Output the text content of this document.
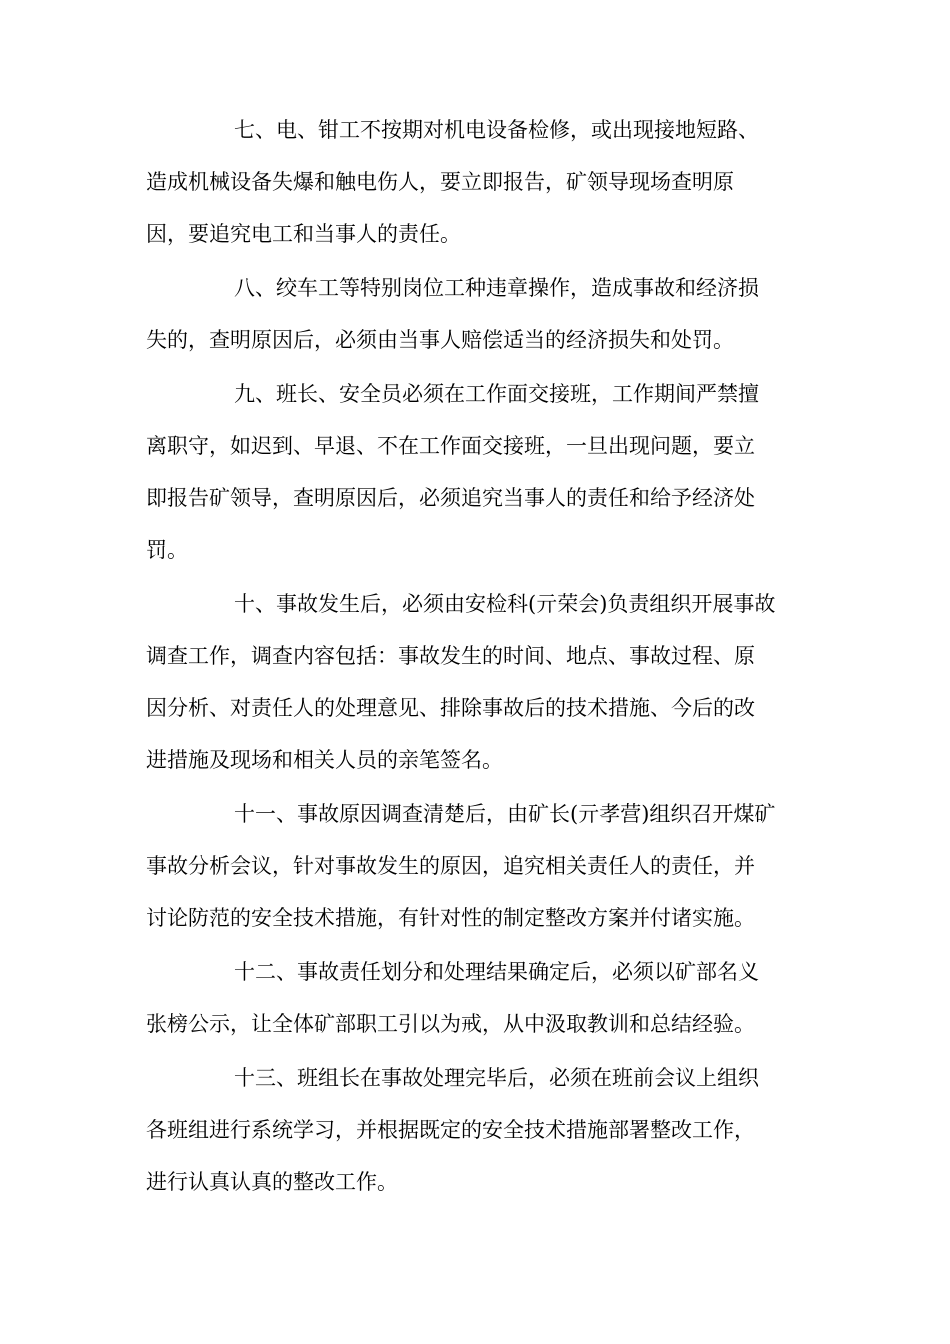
七、电、钳工不按期对机电设备检修，或出现接地短路、
造成机械设备失爆和触电伤人，要立即报告，矿领导现场查明原
因，要追究电工和当事人的责任。
八、绞车工等特别岗位工种违章操作，造成事故和经济损
失的，查明原因后，必须由当事人赔偿适当的经济损失和处罚。
九、班长、安全员必须在工作面交接班，工作期间严禁擅
离职守，如迟到、早退、不在工作面交接班，一旦出现问题，要立
即报告矿领导，查明原因后，必须追究当事人的责任和给予经济处
罚。
十、事故发生后，必须由安检科(亓荣会)负责组织开展事故
调查工作，调查内容包括：事故发生的时间、地点、事故过程、原
因分析、对责任人的处理意见、排除事故后的技术措施、今后的改
进措施及现场和相关人员的亲笔签名。
十一、事故原因调查清楚后，由矿长(亓孝营)组织召开煤矿
事故分析会议，针对事故发生的原因，追究相关责任人的责任，并
讨论防范的安全技术措施，有针对性的制定整改方案并付诸实施。
十二、事故责任划分和处理结果确定后，必须以矿部名义
张榜公示，让全体矿部职工引以为戒，从中汲取教训和总结经验。
十三、班组长在事故处理完毕后，必须在班前会议上组织
各班组进行系统学习，并根据既定的安全技术措施部署整改工作，
进行认真认真的整改工作。
